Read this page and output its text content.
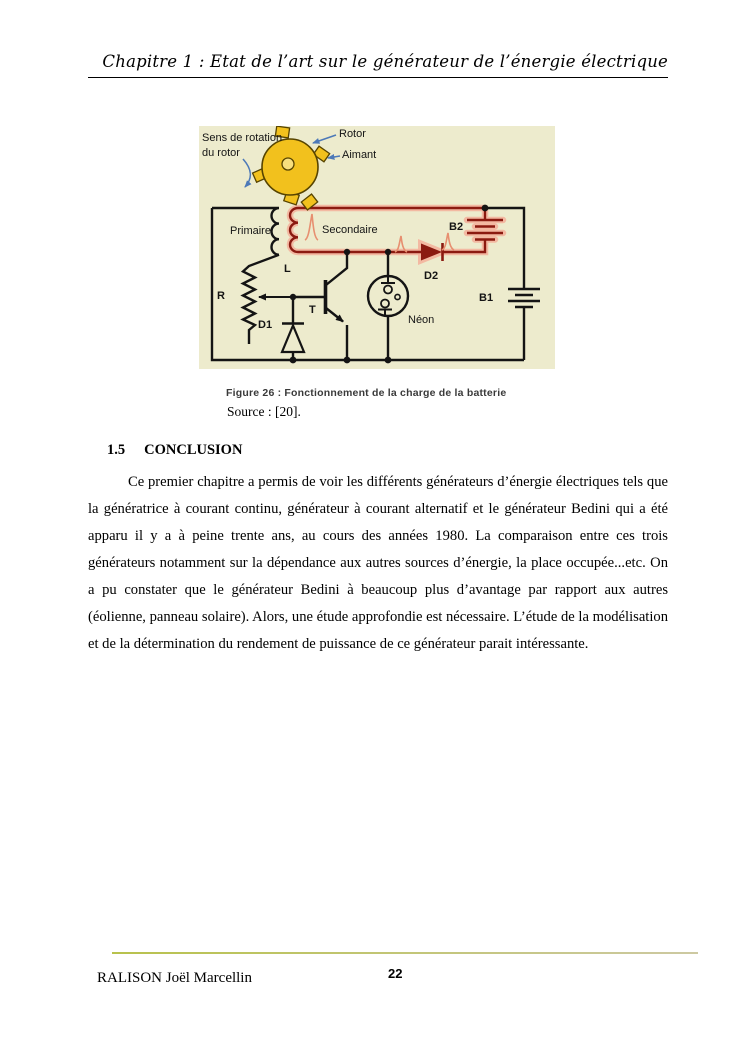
Chapitre 1 : Etat de l’art sur le générateur de l’énergie électrique
Sens de rotation
du rotor
Rotor
Aimant
Primaire	Secondaire
L
R
T
D1
D2
B1
B2
Néon
Figure 26 : Fonctionnement de la charge de la batterie
Source : [20].
1.5 CONCLUSION

Ce premier chapitre a permis de voir les différents générateurs d’énergie électriques tels que la génératrice à courant continu, générateur à courant alternatif et le générateur Bedini qui a été apparu il y a à peine trente ans, au cours des années 1980. La comparaison entre ces trois générateurs notamment sur la dépendance aux autres sources d’énergie, la place occupée...etc. On a pu constater que le générateur Bedini à beaucoup plus d’avantage par rapport aux autres (éolienne, panneau solaire). Alors, une étude approfondie est nécessaire. L’étude de la modélisation et de la détermination du rendement de puissance de ce générateur parait intéressante.

RALISON Joël Marcellin	22
